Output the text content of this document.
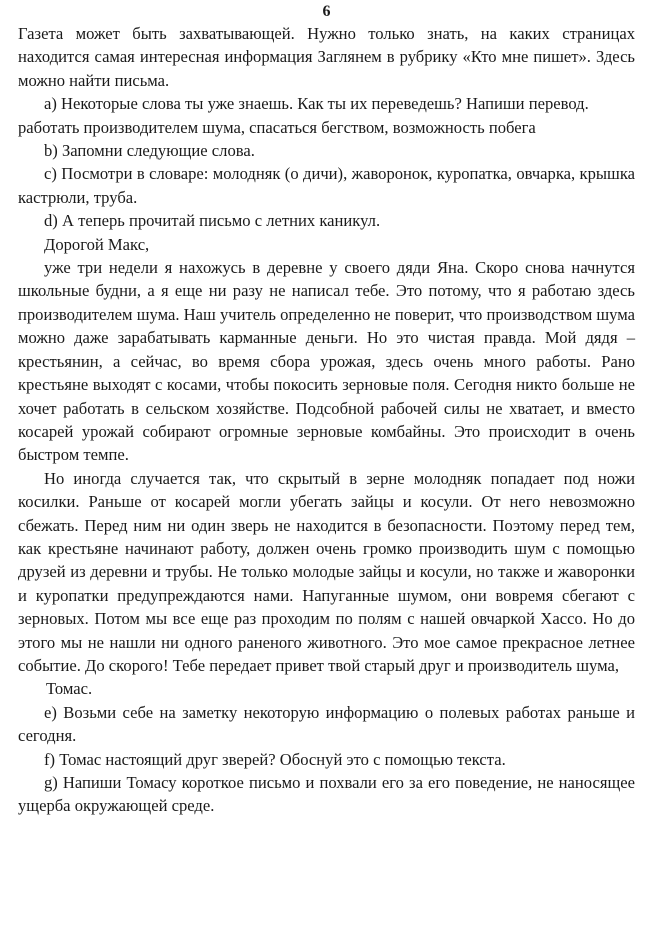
6

Газета может быть захватывающей. Нужно только знать, на каких страницах находится самая интересная информация Заглянем в рубрику «Кто мне пишет». Здесь можно найти письма.

а) Некоторые слова ты уже знаешь. Как ты их переведешь? Напиши перевод.

работать производителем шума, спасаться бегством, возможность побега

b) Запомни следующие слова.

с) Посмотри в словаре: молодняк (о дичи), жаворонок, куропатка, овчарка, крышка кастрюли, труба.

d) А теперь прочитай письмо с летних каникул.

Дорогой Макс,

уже три недели я нахожусь в деревне у своего дяди Яна. Скоро снова начнутся школьные будни, а я еще ни разу не написал тебе. Это потому, что я работаю здесь производителем шума. Наш учитель определенно не поверит, что производством шума можно даже зарабатывать карманные деньги. Но это чистая правда. Мой дядя – крестьянин, а сейчас, во время сбора урожая, здесь очень много работы. Рано крестьяне выходят с косами, чтобы покосить зерновые поля. Сегодня никто больше не хочет работать в сельском хозяйстве. Подсобной рабочей силы не хватает, и вместо косарей урожай собирают огромные зерновые комбайны. Это происходит в очень быстром темпе.

Но иногда случается так, что скрытый в зерне молодняк попадает под ножи косилки. Раньше от косарей могли убегать зайцы и косули. От него невозможно сбежать. Перед ним ни один зверь не находится в безопасности. Поэтому перед тем, как крестьяне начинают работу, должен очень громко производить шум с помощью друзей из деревни и трубы. Не только молодые зайцы и косули, но также и жаворонки и куропатки предупреждаются нами. Напуганные шумом, они вовремя сбегают с зерновых. Потом мы все еще раз проходим по полям с нашей овчаркой Хассо. Но до этого мы не нашли ни одного раненого животного. Это мое самое прекрасное летнее событие. До скорого! Тебе передает привет твой старый друг и производитель шума,

Томас.

е) Возьми себе на заметку некоторую информацию о полевых работах раньше и сегодня.

f) Томас настоящий друг зверей? Обоснуй это с помощью текста.

g) Напиши Томасу короткое письмо и похвали его за его поведение, не наносящее ущерба окружающей среде.
